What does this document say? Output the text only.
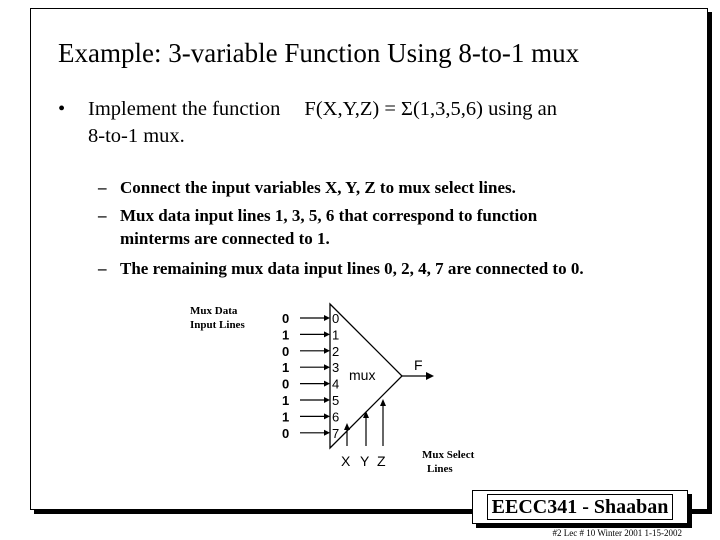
Example: 3-variable Function Using 8-to-1 mux
• Implement the function F(X,Y,Z) = Σ(1,3,5,6) using an
8-to-1 mux.
– Connect the input variables X, Y, Z to mux select lines.
– Mux data input lines 1, 3, 5, 6 that correspond to function
minterms are connected to 1.
– The remaining mux data input lines 0, 2, 4, 7 are connected to 0.
Mux Data
Input Lines
Mux Select
Lines
0
1
0
1
0
1
1
0
0
1
2
3
4
5
6
7
mux
F
X Y Z
EECC341 - Shaaban
#2 Lec # 10 Winter 2001 1-15-2002
